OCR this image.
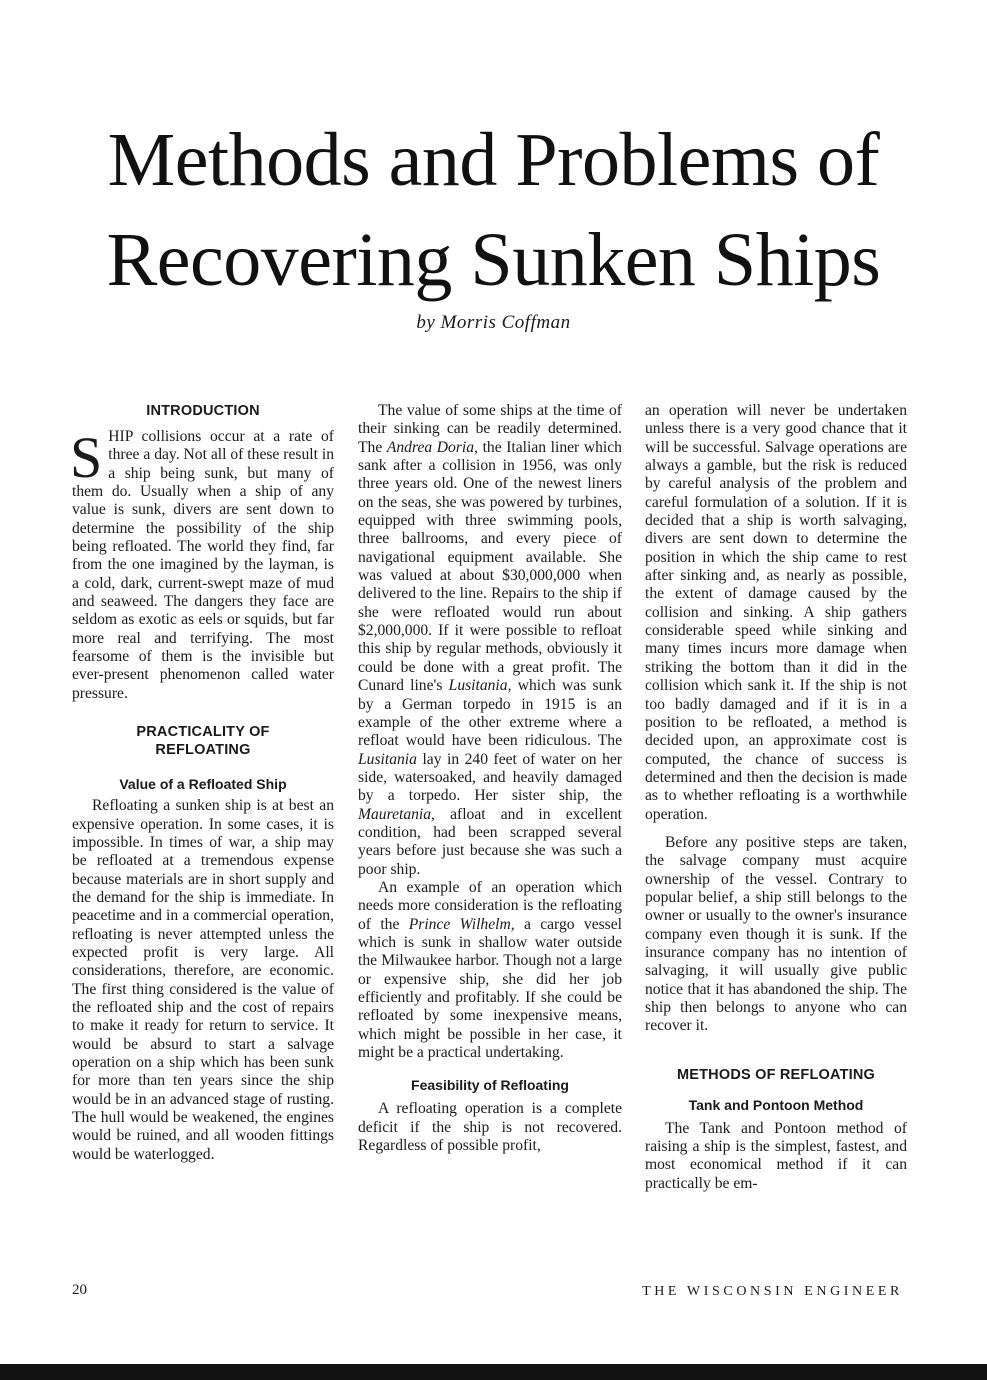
Methods and Problems of
Recovering Sunken Ships
by Morris Coffman
INTRODUCTION

SHIP collisions occur at a rate of three a day. Not all of these result in a ship being sunk, but many of them do. Usually when a ship of any value is sunk, divers are sent down to determine the possibility of the ship being refloated. The world they find, far from the one imagined by the layman, is a cold, dark, current-swept maze of mud and seaweed. The dangers they face are seldom as exotic as eels or squids, but far more real and terrifying. The most fearsome of them is the invisible but ever-present phenomenon called water pressure.

PRACTICALITY OF
REFLOATING
Value of a Refloated Ship

Refloating a sunken ship is at best an expensive operation. In some cases, it is impossible. In times of war, a ship may be refloated at a tremendous expense because materials are in short supply and the demand for the ship is immediate. In peacetime and in a commercial operation, refloating is never attempted unless the expected profit is very large. All considerations, therefore, are economic. The first thing considered is the value of the refloated ship and the cost of repairs to make it ready for return to service. It would be absurd to start a salvage operation on a ship which has been sunk for more than ten years since the ship would be in an advanced stage of rusting. The hull would be weakened, the engines would be ruined, and all wooden fittings would be waterlogged.

The value of some ships at the time of their sinking can be readily determined. The Andrea Doria, the Italian liner which sank after a collision in 1956, was only three years old. One of the newest liners on the seas, she was powered by turbines, equipped with three swimming pools, three ballrooms, and every piece of navigational equipment available. She was valued at about $30,000,000 when delivered to the line. Repairs to the ship if she were refloated would run about $2,000,000. If it were possible to refloat this ship by regular methods, obviously it could be done with a great profit. The Cunard line's Lusitania, which was sunk by a German torpedo in 1915 is an example of the other extreme where a refloat would have been ridiculous. The Lusitania lay in 240 feet of water on her side, watersoaked, and heavily damaged by a torpedo. Her sister ship, the Mauretania, afloat and in excellent condition, had been scrapped several years before just because she was such a poor ship.

An example of an operation which needs more consideration is the refloating of the Prince Wilhelm, a cargo vessel which is sunk in shallow water outside the Milwaukee harbor. Though not a large or expensive ship, she did her job efficiently and profitably. If she could be refloated by some inexpensive means, which might be possible in her case, it might be a practical undertaking.

Feasibility of Refloating

A refloating operation is a complete deficit if the ship is not recovered. Regardless of possible profit,

an operation will never be undertaken unless there is a very good chance that it will be successful. Salvage operations are always a gamble, but the risk is reduced by careful analysis of the problem and careful formulation of a solution. If it is decided that a ship is worth salvaging, divers are sent down to determine the position in which the ship came to rest after sinking and, as nearly as possible, the extent of damage caused by the collision and sinking. A ship gathers considerable speed while sinking and many times incurs more damage when striking the bottom than it did in the collision which sank it. If the ship is not too badly damaged and if it is in a position to be refloated, a method is decided upon, an approximate cost is computed, the chance of success is determined and then the decision is made as to whether refloating is a worthwhile operation.

Before any positive steps are taken, the salvage company must acquire ownership of the vessel. Contrary to popular belief, a ship still belongs to the owner or usually to the owner's insurance company even though it is sunk. If the insurance company has no intention of salvaging, it will usually give public notice that it has abandoned the ship. The ship then belongs to anyone who can recover it.

METHODS OF REFLOATING
Tank and Pontoon Method

The Tank and Pontoon method of raising a ship is the simplest, fastest, and most economical method if it can practically be em-

20	THE WISCONSIN ENGINEER
